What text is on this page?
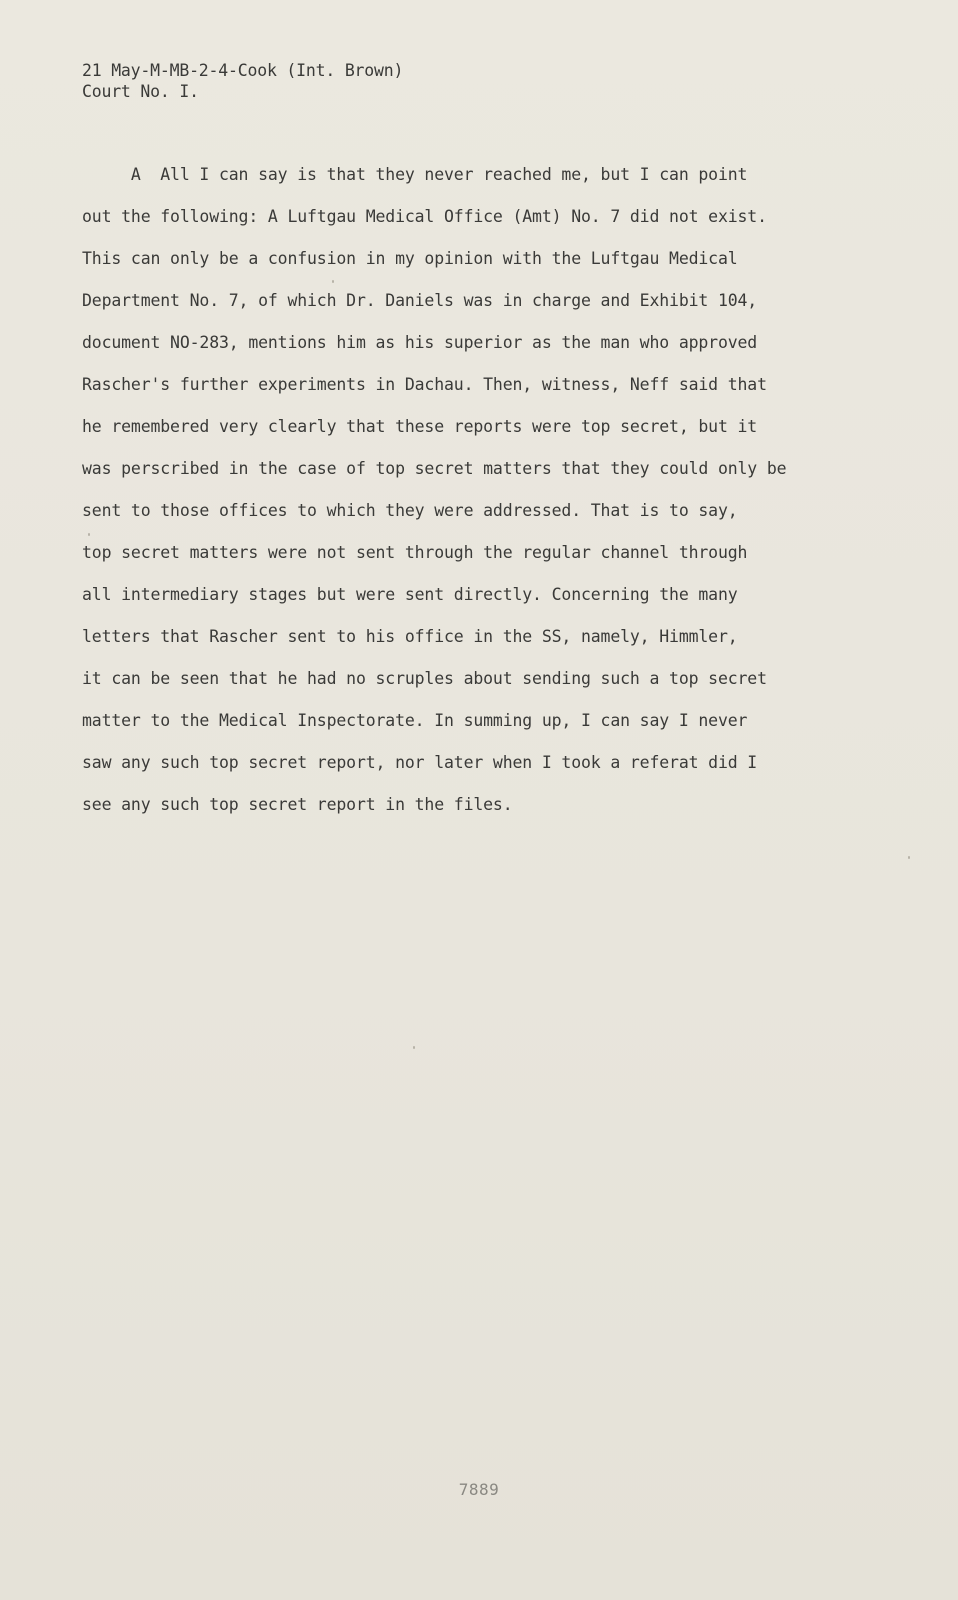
21 May-M-MB-2-4-Cook (Int. Brown)
Court No. I.
A  All I can say is that they never reached me, but I can point
out the following: A Luftgau Medical Office (Amt) No. 7 did not exist.
This can only be a confusion in my opinion with the Luftgau Medical
Department No. 7, of which Dr. Daniels was in charge and Exhibit 104,
document NO-283, mentions him as his superior as the man who approved
Rascher's further experiments in Dachau. Then, witness, Neff said that
he remembered very clearly that these reports were top secret, but it
was perscribed in the case of top secret matters that they could only be
sent to those offices to which they were addressed. That is to say,
top secret matters were not sent through the regular channel through
all intermediary stages but were sent directly. Concerning the many
letters that Rascher sent to his office in the SS, namely, Himmler,
it can be seen that he had no scruples about sending such a top secret
matter to the Medical Inspectorate. In summing up, I can say I never
saw any such top secret report, nor later when I took a referat did I
see any such top secret report in the files.
7889
